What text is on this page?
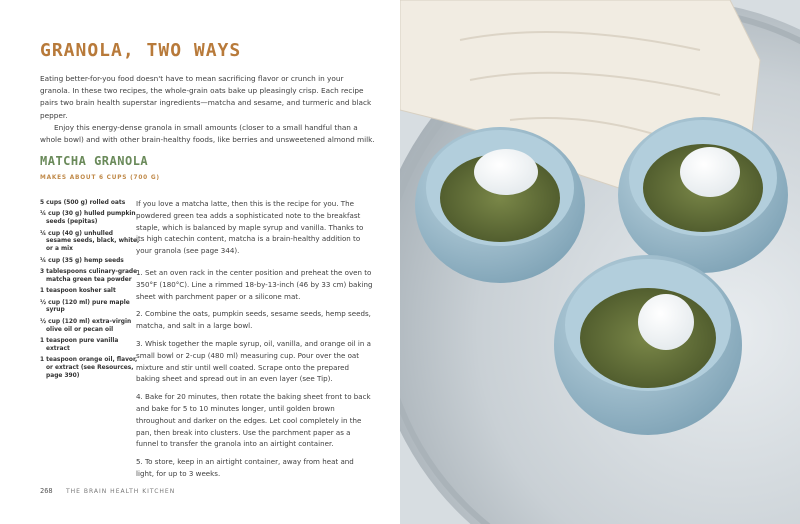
GRANOLA, TWO WAYS

Eating better-for-you food doesn't have to mean sacrificing flavor or crunch in your granola. In these two recipes, the whole-grain oats bake up pleasingly crisp. Each recipe pairs two brain health superstar ingredients—matcha and sesame, and turmeric and black pepper.

Enjoy this energy-dense granola in small amounts (closer to a small handful than a whole bowl) and with other brain-healthy foods, like berries and unsweetened almond milk.

MATCHA GRANOLA
MAKES ABOUT 6 CUPS (700 G)
5 cups (500 g) rolled oats
¼ cup (30 g) hulled pumpkin seeds (pepitas)
¼ cup (40 g) unhulled sesame seeds, black, white, or a mix
¼ cup (35 g) hemp seeds
3 tablespoons culinary-grade matcha green tea powder
1 teaspoon kosher salt
½ cup (120 ml) pure maple syrup
½ cup (120 ml) extra-virgin olive oil or pecan oil
1 teaspoon pure vanilla extract
1 teaspoon orange oil, flavor, or extract (see Resources, page 390)

If you love a matcha latte, then this is the recipe for you. The powdered green tea adds a sophisticated note to the breakfast staple, which is balanced by maple syrup and vanilla. Thanks to its high catechin content, matcha is a brain-healthy addition to your granola (see page 344).

1. Set an oven rack in the center position and preheat the oven to 350°F (180°C). Line a rimmed 18-by-13-inch (46 by 33 cm) baking sheet with parchment paper or a silicone mat.

2. Combine the oats, pumpkin seeds, sesame seeds, hemp seeds, matcha, and salt in a large bowl.

3. Whisk together the maple syrup, oil, vanilla, and orange oil in a small bowl or 2-cup (480 ml) measuring cup. Pour over the oat mixture and stir until well coated. Scrape onto the prepared baking sheet and spread out in an even layer (see Tip).

4. Bake for 20 minutes, then rotate the baking sheet front to back and bake for 5 to 10 minutes longer, until golden brown throughout and darker on the edges. Let cool completely in the pan, then break into clusters. Use the parchment paper as a funnel to transfer the granola into an airtight container.

5. To store, keep in an airtight container, away from heat and light, for up to 3 weeks.

268 THE BRAIN HEALTH KITCHEN
